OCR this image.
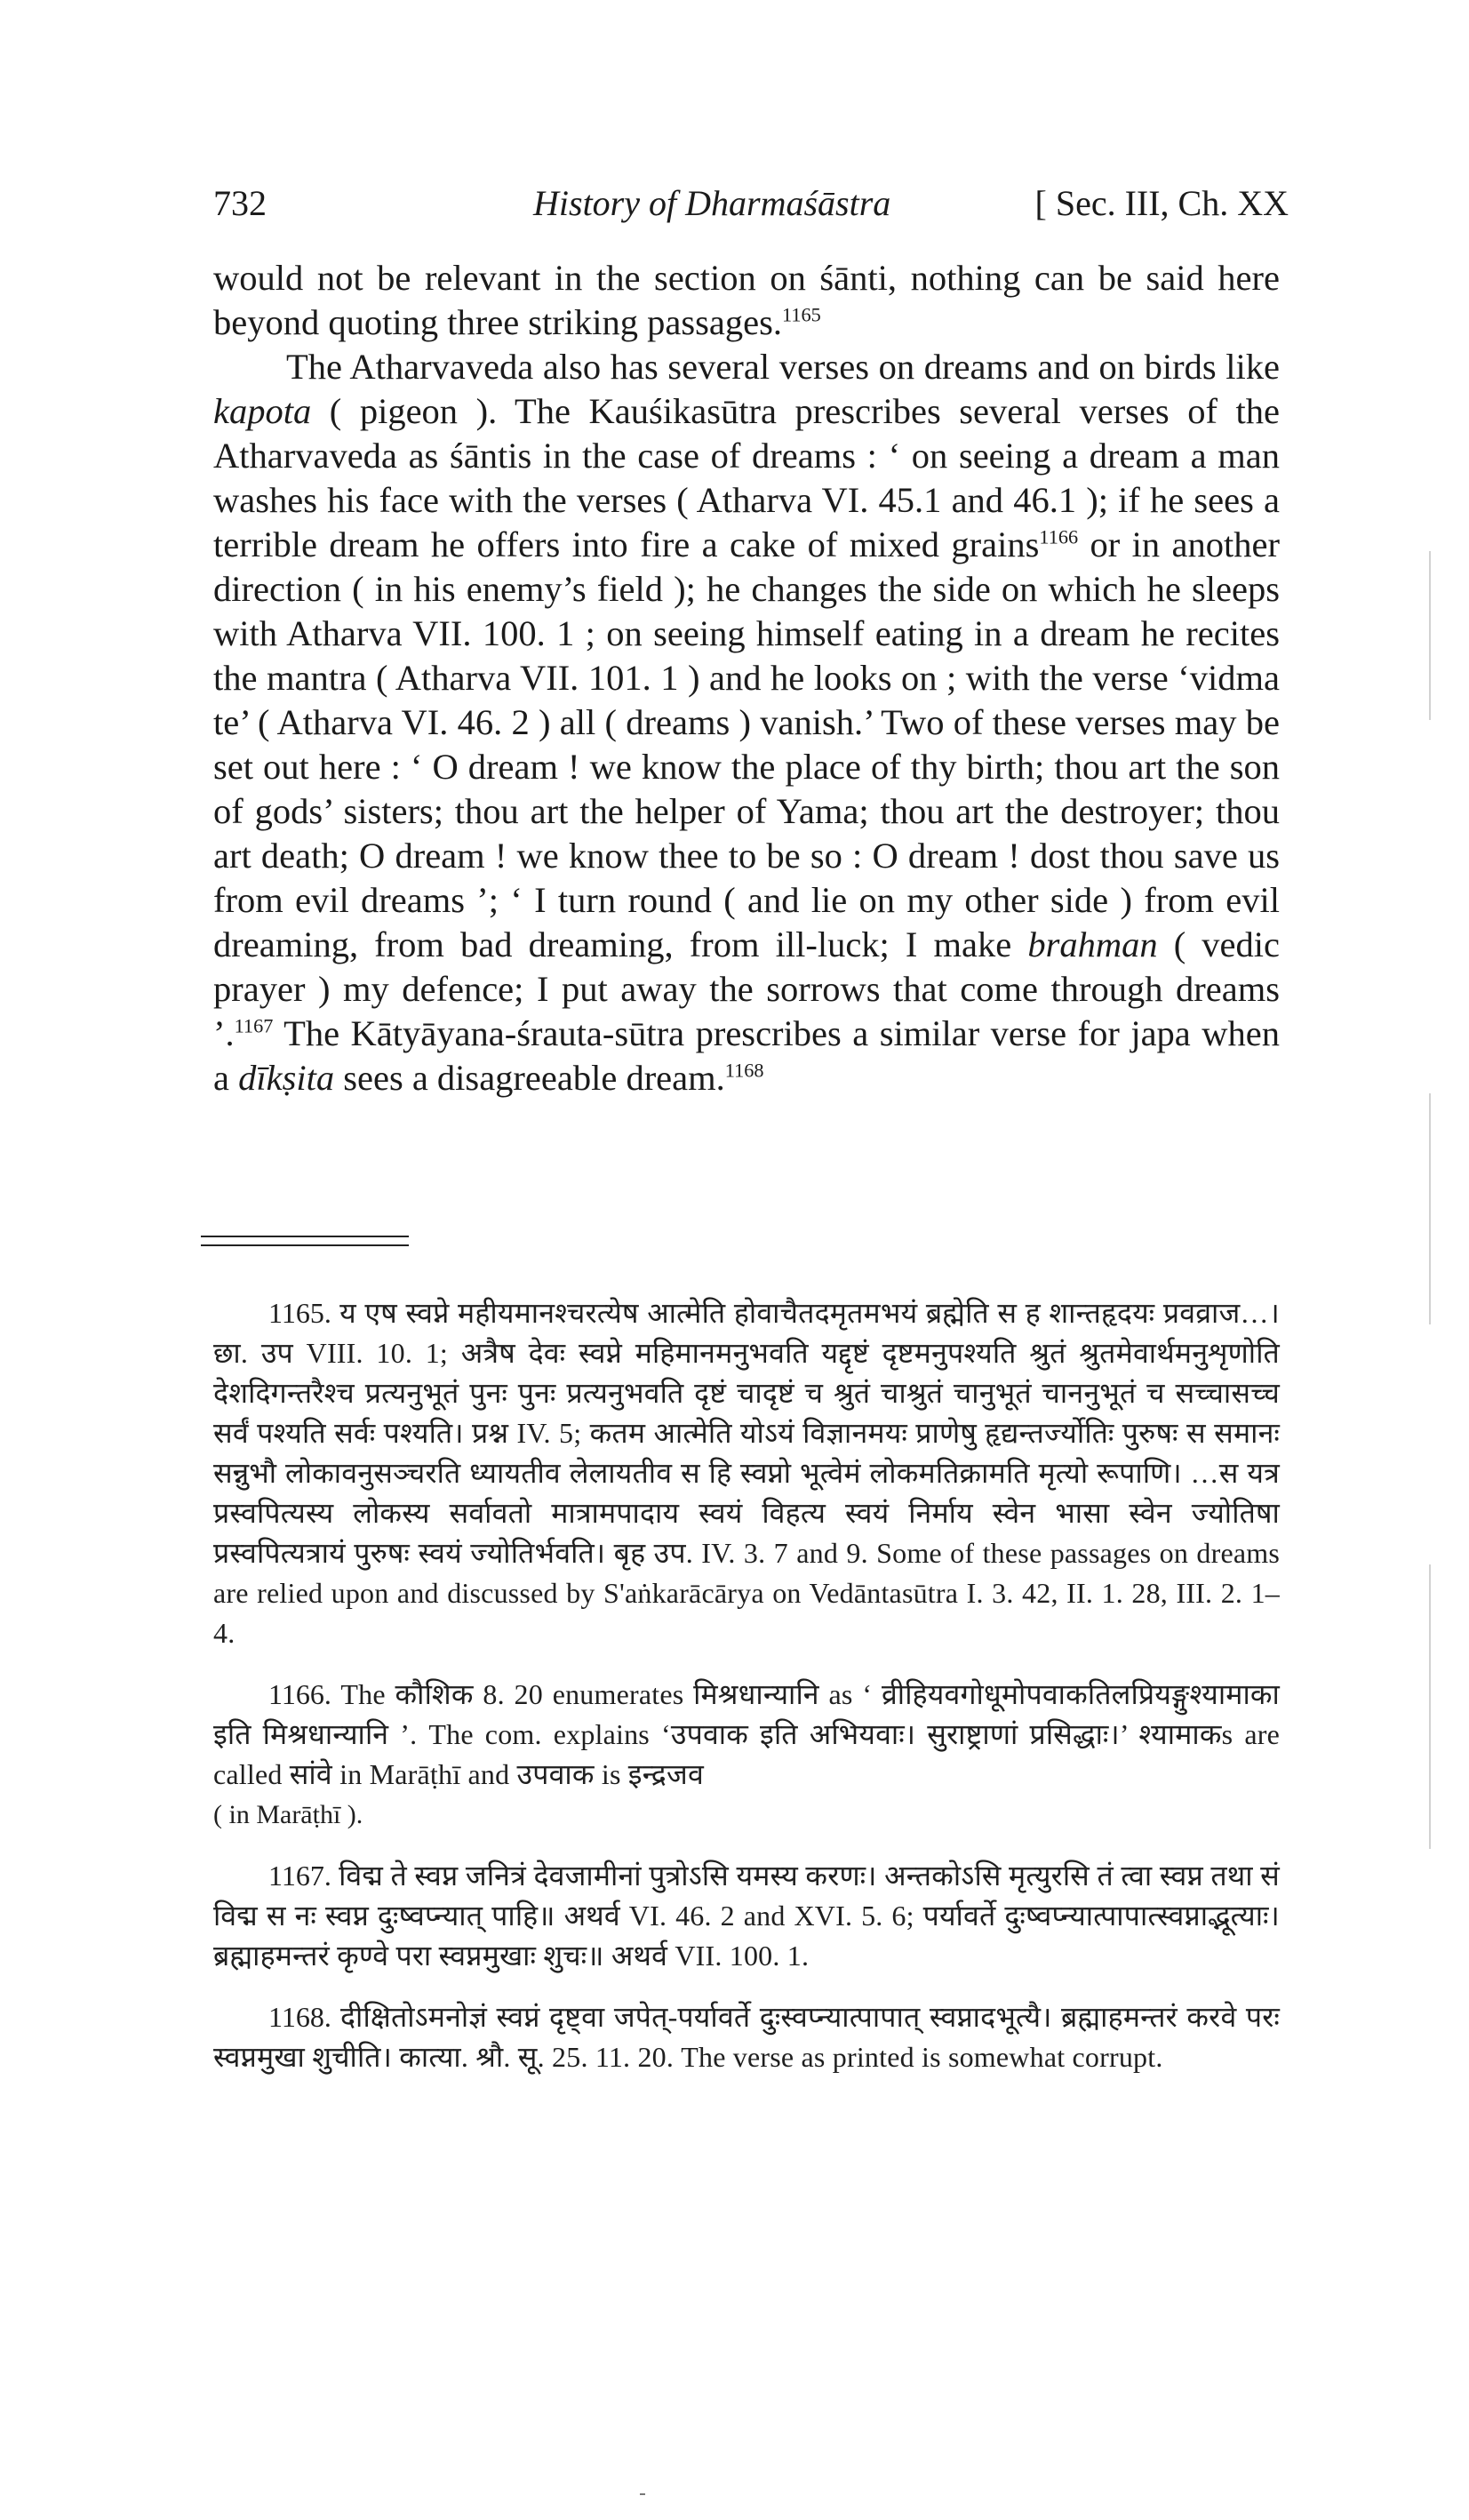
732	History of Dharmaśāstra	[ Sec. III, Ch. XX

would not be relevant in the section on śānti, nothing can be said here beyond quoting three striking passages.$^{1165}$

The Atharvaveda also has several verses on dreams and on birds like kapota ( pigeon ). The Kauśikasūtra prescribes several verses of the Atharvaveda as śāntis in the case of dreams : ‘ on seeing a dream a man washes his face with the verses ( Atharva VI. 45.1 and 46.1 ); if he sees a terrible dream he offers into fire a cake of mixed grains$^{1166}$ or in another direction ( in his enemy’s field ); he changes the side on which he sleeps with Atharva VII. 100. 1 ; on seeing himself eating in a dream he recites the mantra ( Atharva VII. 101. 1 ) and he looks on ; with the verse ‘vidma te’ ( Atharva VI. 46. 2 ) all ( dreams ) vanish.’ Two of these verses may be set out here : ‘ O dream ! we know the place of thy birth; thou art the son of gods’ sisters; thou art the helper of Yama; thou art the destroyer; thou art death; O dream ! we know thee to be so : O dream ! dost thou save us from evil dreams ’; ‘ I turn round ( and lie on my other side ) from evil dreaming, from bad dreaming, from ill-luck; I make brahman ( vedic prayer ) my defence; I put away the sorrows that come through dreams ’.$^{1167}$ The Kātyāyana-śrauta-sūtra prescribes a similar verse for japa when a dīkṣita sees a disagreeable dream.$^{1168}$

1165. य एष स्वप्ने महीयमानश्चरत्येष आत्मेति होवाचैतदमृतमभयं ब्रह्मेति स ह शान्तहृदयः प्रवव्राज…। छा. उप VIII. 10. 1; अत्रैष देवः स्वप्ने महिमानमनुभवति यद्दृष्टं दृष्टमनुपश्यति श्रुतं श्रुतमेवार्थमनुशृणोति देशदिगन्तरैश्च प्रत्यनुभूतं पुनः पुनः प्रत्यनुभवति दृष्टं चादृष्टं च श्रुतं चाश्रुतं चानुभूतं चाननुभूतं च सच्चासच्च सर्वं पश्यति सर्वः पश्यति। प्रश्न IV. 5; कतम आत्मेति योऽयं विज्ञानमयः प्राणेषु हृद्यन्तर्ज्योतिः पुरुषः स समानः सन्नुभौ लोकावनुसञ्चरति ध्यायतीव लेलायतीव स हि स्वप्नो भूत्वेमं लोकमतिक्रामति मृत्यो रूपाणि। …स यत्र प्रस्वपित्यस्य लोकस्य सर्वावतो मात्रामपादाय स्वयं विहत्य स्वयं निर्माय स्वेन भासा स्वेन ज्योतिषा प्रस्वपित्यत्रायं पुरुषः स्वयं ज्योतिर्भवति। बृह उप. IV. 3. 7 and 9. Some of these passages on dreams are relied upon and discussed by S'aṅkarācārya on Vedāntasūtra I. 3. 42, II. 1. 28, III. 2. 1–4.

1166. The कौशिक 8. 20 enumerates मिश्रधान्यानि as ‘ व्रीहियवगोधूमोपवाकतिलप्रियङ्गुश्यामाका इति मिश्रधान्यानि ’. The com. explains ‘उपवाक इति अभियवाः। सुराष्ट्राणां प्रसिद्धाः।’ श्यामाकs are called सांवे in Marāṭhī and उपवाक is इन्द्रजव
( in Marāṭhī ).

1167. विद्म ते स्वप्न जनित्रं देवजामीनां पुत्रोऽसि यमस्य करणः। अन्तकोऽसि मृत्युरसि तं त्वा स्वप्न तथा सं विद्म स नः स्वप्न दुःष्वप्न्यात् पाहि॥ अथर्व VI. 46. 2 and XVI. 5. 6; पर्यावर्ते दुःष्वप्न्यात्पापात्स्वप्नाद्भूत्याः। ब्रह्माहमन्तरं कृण्वे परा स्वप्नमुखाः शुचः॥ अथर्व VII. 100. 1.

1168. दीक्षितोऽमनोज्ञं स्वप्नं दृष्ट्वा जपेत्-पर्यावर्ते दुःस्वप्न्यात्पापात् स्वप्नादभूत्यै। ब्रह्माहमन्तरं करवे परः स्वप्नमुखा शुचीति। कात्या. श्रौ. सू. 25. 11. 20. The verse as printed is somewhat corrupt.
